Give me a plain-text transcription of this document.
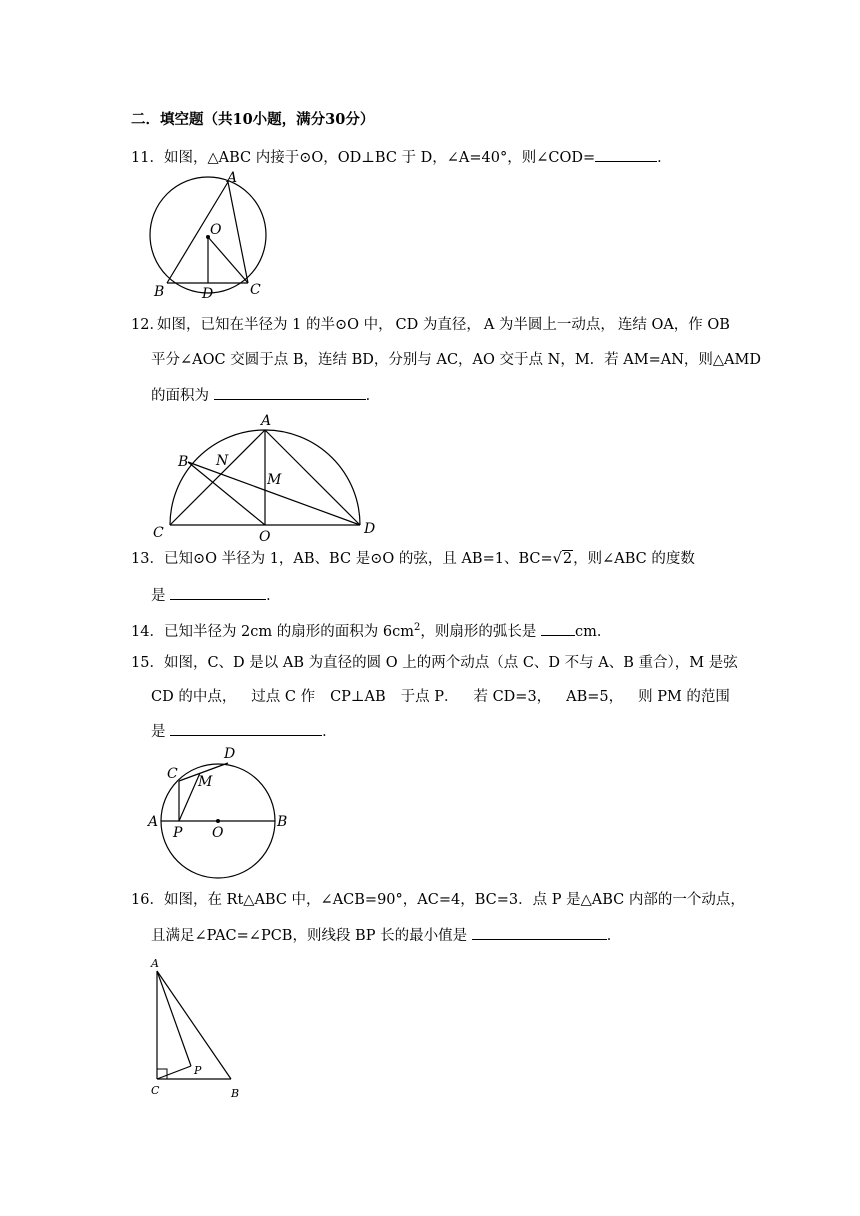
二．填空题（共10小题，满分30分）
11．如图，△ABC 内接于⊙O，OD⊥BC 于 D，∠A=40°，则∠COD=	．
A
O
B	D	C
12．
如图，已知在半径为 1 的半⊙O 中， CD 为直径， A 为半圆上一动点， 连结 OA，作 OB
平分∠AOC 交圆于点 B， 连结 BD， 分别与 AC，AO 交于点 N，M．若 AM=AN，则△AMD
的面积为	．
A
B N
M
C	O	D
13．已知⊙O 半径为 1，AB、BC 是⊙O 的弦，且 AB=1、BC=√2，则∠ABC 的度数
是	．
14．已知半径为 2cm 的扇形的面积为 $6cm^2$，则扇形的弧长是	cm．
15．如图，C、D 是以 AB 为直径的圆 O 上的两个动点（点 C、D 不与 A、B 重合），M 是弦
CD 的中点， 过点 C 作 CP⊥AB 于点 P． 若 CD=3， AB=5， 则 PM 的范围
是	．
D
C M
A
P O
B
16．如图，在 Rt△ABC 中，∠ACB=90°，AC=4，BC=3．点 P 是△ABC 内部的一个动点，
且满足∠PAC=∠PCB，则线段 BP 长的最小值是	．
A
P
C	B
